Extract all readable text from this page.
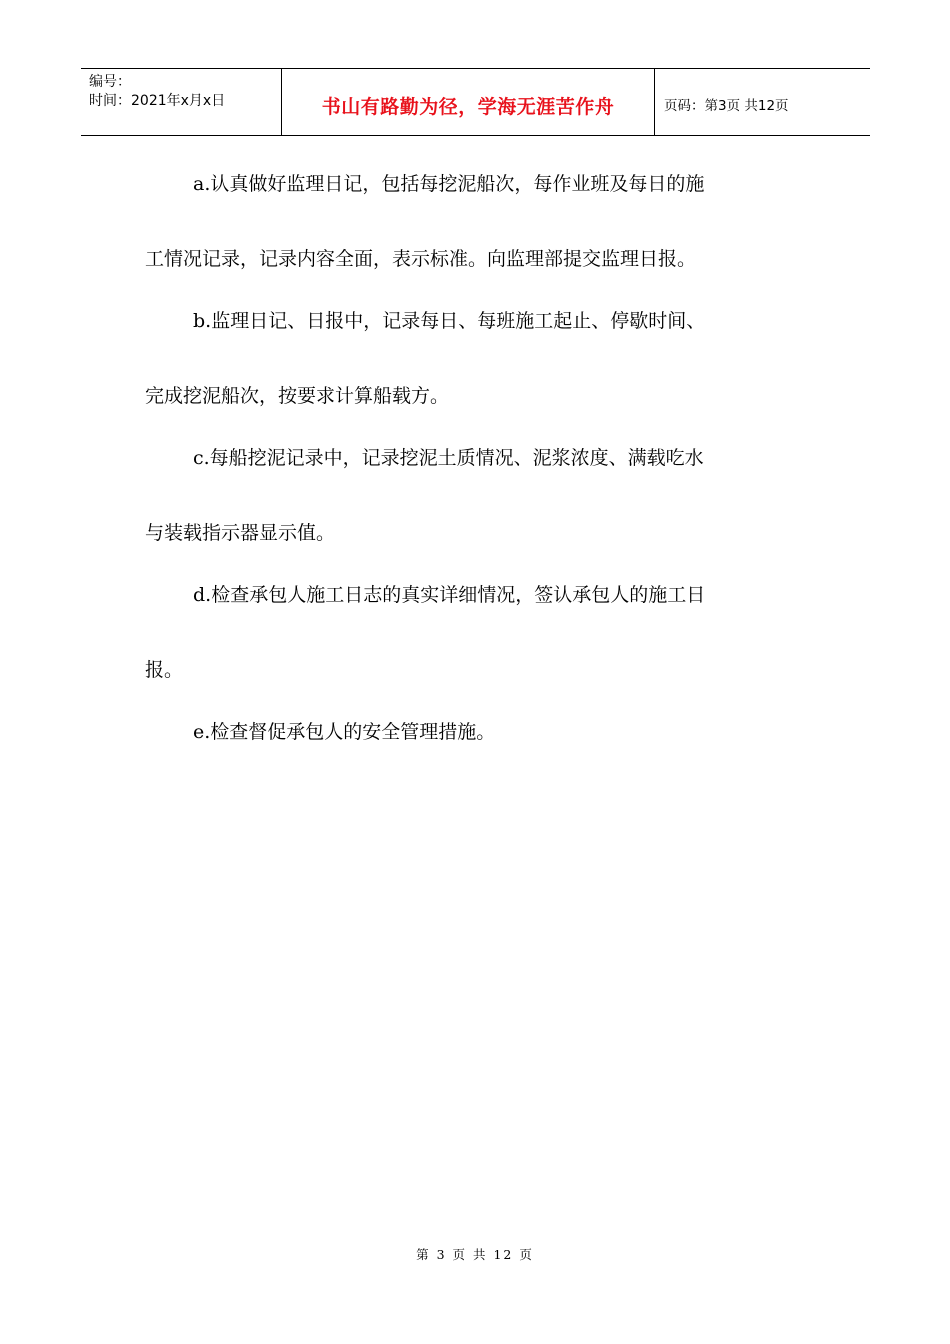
编号：
时间：2021年x月x日	书山有路勤为径，学海无涯苦作舟	页码：第3页 共12页
a.认真做好监理日记，包括每挖泥船次，每作业班及每日的施
工情况记录，记录内容全面，表示标准。向监理部提交监理日报。
b.监理日记、日报中，记录每日、每班施工起止、停歇时间、
完成挖泥船次，按要求计算船载方。
c.每船挖泥记录中，记录挖泥土质情况、泥浆浓度、满载吃水
与装载指示器显示值。
d.检查承包人施工日志的真实详细情况，签认承包人的施工日
报。
e.检查督促承包人的安全管理措施。
第 3 页 共 12 页
